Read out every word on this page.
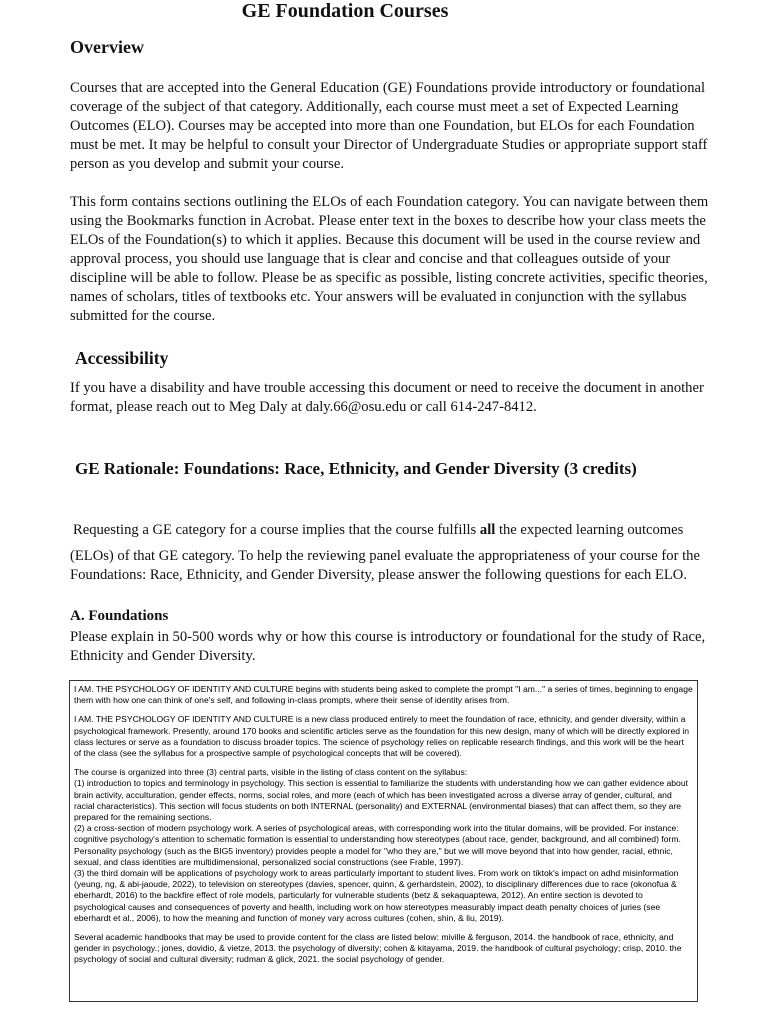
GE Foundation Courses
Overview
Courses that are accepted into the General Education (GE) Foundations provide introductory or foundational coverage of the subject of that category. Additionally, each course must meet a set of Expected Learning Outcomes (ELO). Courses may be accepted into more than one Foundation, but ELOs for each Foundation must be met. It may be helpful to consult your Director of Undergraduate Studies or appropriate support staff person as you develop and submit your course.
This form contains sections outlining the ELOs of each Foundation category. You can navigate between them using the Bookmarks function in Acrobat. Please enter text in the boxes to describe how your class meets the ELOs of the Foundation(s) to which it applies. Because this document will be used in the course review and approval process, you should use language that is clear and concise and that colleagues outside of your discipline will be able to follow. Please be as specific as possible, listing concrete activities, specific theories, names of scholars, titles of textbooks etc. Your answers will be evaluated in conjunction with the syllabus submitted for the course.
Accessibility
If you have a disability and have trouble accessing this document or need to receive the document in another format, please reach out to Meg Daly at daly.66@osu.edu or call 614-247-8412.
GE Rationale: Foundations: Race, Ethnicity, and Gender Diversity (3 credits)
Requesting a GE category for a course implies that the course fulfills all the expected learning outcomes
(ELOs) of that GE category. To help the reviewing panel evaluate the appropriateness of your course for the Foundations: Race, Ethnicity, and Gender Diversity, please answer the following questions for each ELO.
A. Foundations
Please explain in 50-500 words why or how this course is introductory or foundational for the study of Race, Ethnicity and Gender Diversity.

I AM. THE PSYCHOLOGY OF IDENTITY AND CULTURE begins with students being asked to complete the prompt "I am..." a series of times, beginning to engage them with how one can think of one's self, and following in-class prompts, where their sense of identity arises from.

I AM. THE PSYCHOLOGY OF IDENTITY AND CULTURE is a new class produced entirely to meet the foundation of race, ethnicity, and gender diversity, within a psychological framework. Presently, around 170 books and scientific articles serve as the foundation for this new design, many of which will be directly explored in class lectures or serve as a foundation to discuss broader topics. The science of psychology relies on replicable research findings, and this work will be the heart of the class (see the syllabus for a prospective sample of psychological concepts that will be covered).

The course is organized into three (3) central parts, visible in the listing of class content on the syllabus:
(1) introduction to topics and terminology in psychology. This section is essential to familiarize the students with understanding how we can gather evidence about brain activity, acculturation, gender effects, norms, social roles, and more (each of which has been investigated across a diverse array of gender, cultural, and racial characteristics). This section will focus students on both INTERNAL (personality) and EXTERNAL (environmental biases) that can affect them, so they are prepared for the remaining sections.
(2) a cross-section of modern psychology work. A series of psychological areas, with corresponding work into the titular domains, will be provided. For instance: cognitive psychology's attention to schematic formation is essential to understanding how stereotypes (about race, gender, background, and all combined) form. Personality psychology (such as the BIG5 inventory) provides people a model for "who they are," but we will move beyond that into how gender, racial, ethnic, sexual, and class identities are multidimensional, personalized social constructions (see Frable, 1997).
(3) the third domain will be applications of psychology work to areas particularly important to student lives. From work on tiktok's impact on adhd misinformation (yeung, ng, & abi-jaoude, 2022), to television on stereotypes (davies, spencer, quinn, & gerhardstein, 2002), to disciplinary differences due to race (okonofua & eberhardt, 2016) to the backfire effect of role models, particularly for vulnerable students (betz & sekaquaptewa, 2012). An entire section is devoted to psychological causes and consequences of poverty and health, including work on how stereotypes measurably impact death penalty choices of juries (see eberhardt et al., 2006), to how the meaning and function of money vary across cultures (cohen, shin, & liu, 2019).

Several academic handbooks that may be used to provide content for the class are listed below: miville & ferguson, 2014. the handbook of race, ethnicity, and gender in psychology.; jones, dovidio, & vietze, 2013. the psychology of diversity; cohen & kitayama, 2019. the handbook of cultural psychology; crisp, 2010. the psychology of social and cultural diversity; rudman & glick, 2021. the social psychology of gender.
